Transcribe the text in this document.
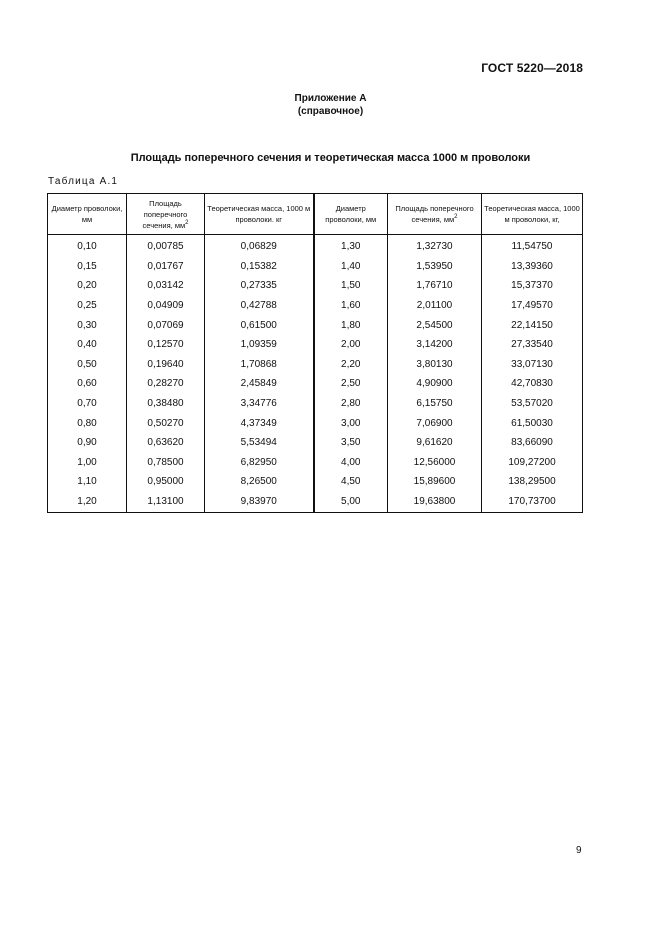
ГОСТ 5220—2018
Приложение А
(справочное)
Площадь поперечного сечения и теоретическая масса 1000 м проволоки
Таблица А.1
Диаметр проволоки, мм	Площадь поперечного сечения, $мм^2$	Теоретическая масса, 1000 м проволоки. кг	Диаметр проволоки, мм	Площадь поперечного сечения, $мм^2$	Теоретическая масса, 1000 м проволоки, кг,
0,10	0,00785	0,06829	1,30	1,32730	11,54750
0,15	0,01767	0,15382	1,40	1,53950	13,39360
0,20	0,03142	0,27335	1,50	1,76710	15,37370
0,25	0,04909	0,42788	1,60	2,01100	17,49570
0,30	0,07069	0,61500	1,80	2,54500	22,14150
0,40	0,12570	1,09359	2,00	3,14200	27,33540
0,50	0,19640	1,70868	2,20	3,80130	33,07130
0,60	0,28270	2,45849	2,50	4,90900	42,70830
0,70	0,38480	3,34776	2,80	6,15750	53,57020
0,80	0,50270	4,37349	3,00	7,06900	61,50030
0,90	0,63620	5,53494	3,50	9,61620	83,66090
1,00	0,78500	6,82950	4,00	12,56000	109,27200
1,10	0,95000	8,26500	4,50	15,89600	138,29500
1,20	1,13100	9,83970	5,00	19,63800	170,73700
9
